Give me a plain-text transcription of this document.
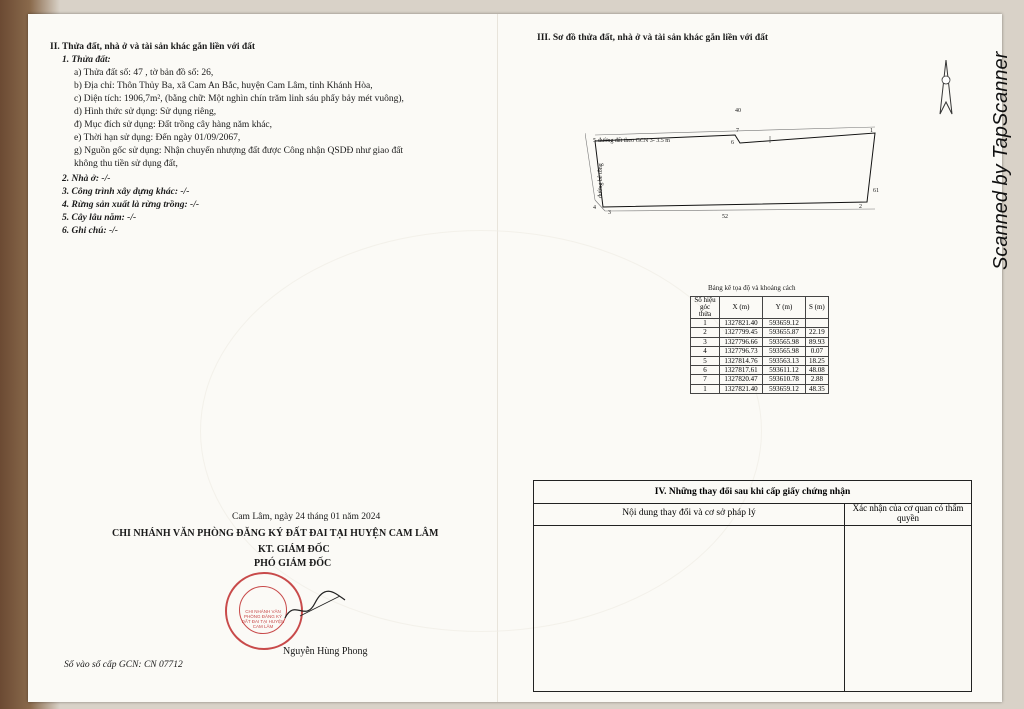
II. Thửa đất, nhà ở và tài sản khác gắn liền với đất
1. Thửa đất:
a) Thửa đất số: 47 , tờ bản đồ số: 26,
b) Địa chỉ: Thôn Thủy Ba, xã Cam An Bắc, huyện Cam Lâm, tỉnh Khánh Hòa,
c) Diện tích: 1906,7m², (bằng chữ: Một nghìn chín trăm linh sáu phẩy bảy mét vuông),
d) Hình thức sử dụng: Sử dụng riêng,
đ) Mục đích sử dụng: Đất trồng cây hàng năm khác,
e) Thời hạn sử dụng: Đến ngày 01/09/2067,
g) Nguồn gốc sử dụng: Nhận chuyển nhượng đất được Công nhận QSDĐ như giao đất
không thu tiền sử dụng đất,
2. Nhà ở: -/-
3. Công trình xây dựng khác: -/-
4. Rừng sản xuất là rừng trồng: -/-
5. Cây lâu năm: -/-
6. Ghi chú: -/-
Cam Lâm, ngày 24 tháng 01 năm 2024
CHI NHÁNH VĂN PHÒNG ĐĂNG KÝ ĐẤT ĐAI TẠI HUYỆN CAM LÂM
KT. GIÁM ĐỐC
PHÓ GIÁM ĐỐC
CHI NHÁNH VĂN PHÒNG ĐĂNG KÝ ĐẤT ĐAI TẠI HUYỆN CAM LÂM
Nguyễn Hùng Phong
Số vào sổ cấp GCN: CN 07712
III. Sơ đồ thửa đất, nhà ở và tài sản khác gắn liền với đất
5 đường đất theo GCN 3- 3.5 m	6
7
40
1
61
2
3
4
52
đường bê tông
Bảng kê tọa độ và khoảng cách
Số hiệu góc thửa	X (m)	Y (m)	S (m)
1	1327821.40	593659.12	
2	1327799.45	593655.87	22.19
3	1327796.66	593565.98	89.93
4	1327796.73	593565.98	0.07
5	1327814.76	593563.13	18.25
6	1327817.61	593611.12	48.08
7	1327820.47	593610.78	2.88
1	1327821.40	593659.12	48.35
IV. Những thay đổi sau khi cấp giấy chứng nhận
Nội dung thay đổi và cơ sở pháp lý	Xác nhận của cơ quan có thẩm quyền
Scanned by TapScanner
